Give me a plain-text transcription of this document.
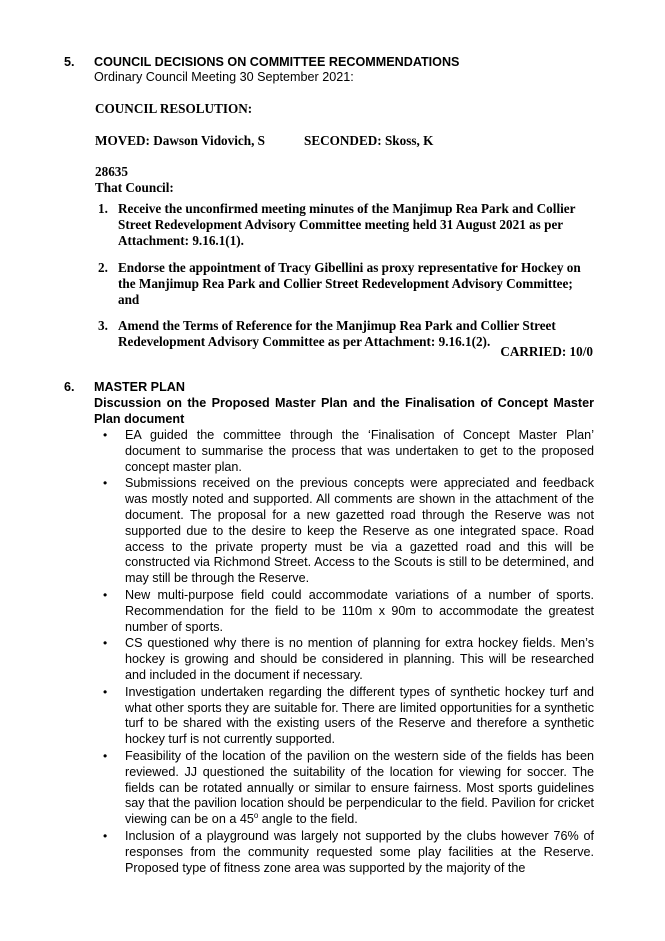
5. COUNCIL DECISIONS ON COMMITTEE RECOMMENDATIONS
Ordinary Council Meeting 30 September 2021:
COUNCIL RESOLUTION:
MOVED: Dawson Vidovich, S	SECONDED: Skoss, K
28635
That Council:
1. Receive the unconfirmed meeting minutes of the Manjimup Rea Park and Collier Street Redevelopment Advisory Committee meeting held 31 August 2021 as per Attachment: 9.16.1(1).
2. Endorse the appointment of Tracy Gibellini as proxy representative for Hockey on the Manjimup Rea Park and Collier Street Redevelopment Advisory Committee; and
3. Amend the Terms of Reference for the Manjimup Rea Park and Collier Street Redevelopment Advisory Committee as per Attachment: 9.16.1(2).
CARRIED: 10/0
6. MASTER PLAN
Discussion on the Proposed Master Plan and the Finalisation of Concept Master Plan document
• EA guided the committee through the ‘Finalisation of Concept Master Plan’ document to summarise the process that was undertaken to get to the proposed concept master plan.
• Submissions received on the previous concepts were appreciated and feedback was mostly noted and supported. All comments are shown in the attachment of the document. The proposal for a new gazetted road through the Reserve was not supported due to the desire to keep the Reserve as one integrated space. Road access to the private property must be via a gazetted road and this will be constructed via Richmond Street. Access to the Scouts is still to be determined, and may still be through the Reserve.
• New multi-purpose field could accommodate variations of a number of sports. Recommendation for the field to be 110m x 90m to accommodate the greatest number of sports.
• CS questioned why there is no mention of planning for extra hockey fields. Men’s hockey is growing and should be considered in planning. This will be researched and included in the document if necessary.
• Investigation undertaken regarding the different types of synthetic hockey turf and what other sports they are suitable for. There are limited opportunities for a synthetic turf to be shared with the existing users of the Reserve and therefore a synthetic hockey turf is not currently supported.
• Feasibility of the location of the pavilion on the western side of the fields has been reviewed. JJ questioned the suitability of the location for viewing for soccer. The fields can be rotated annually or similar to ensure fairness. Most sports guidelines say that the pavilion location should be perpendicular to the field. Pavilion for cricket viewing can be on a 45$^o$ angle to the field.
• Inclusion of a playground was largely not supported by the clubs however 76% of responses from the community requested some play facilities at the Reserve. Proposed type of fitness zone area was supported by the majority of the
